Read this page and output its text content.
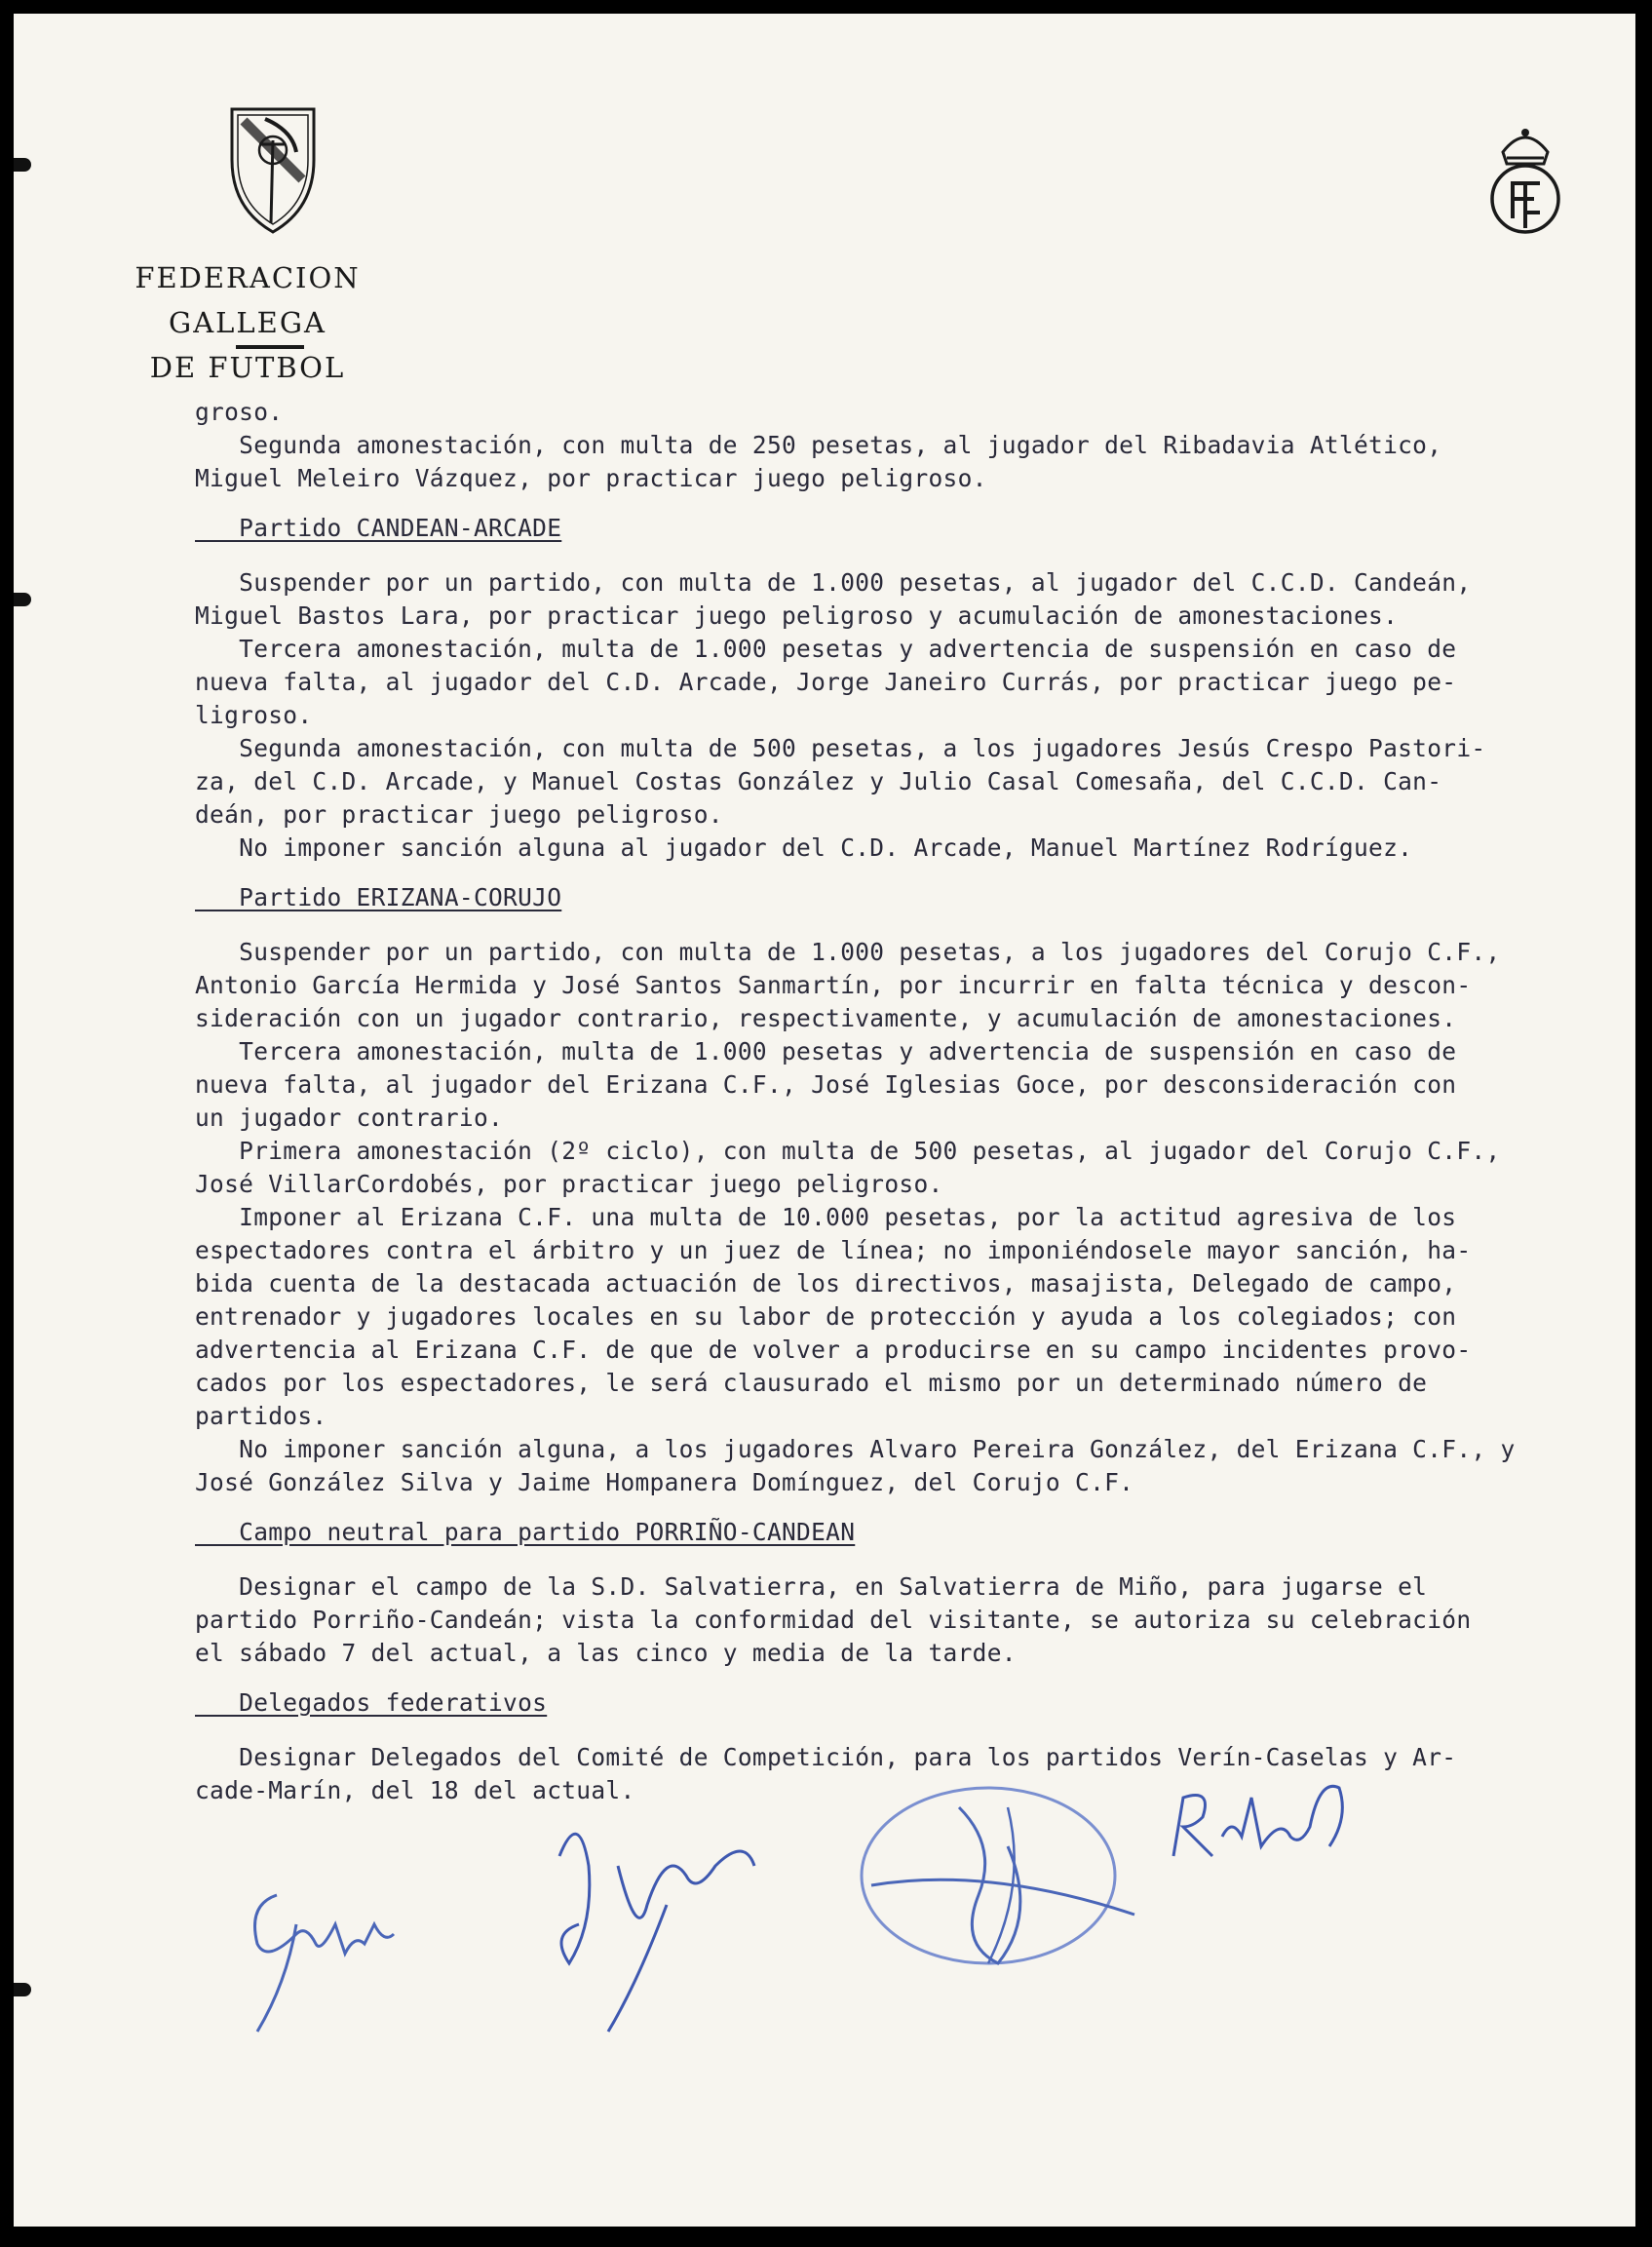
FEDERACION GALLEGA
DE FUTBOL
groso.
Segunda amonestación, con multa de 250 pesetas, al jugador del Ribadavia Atlético,
Miguel Meleiro Vázquez, por practicar juego peligroso.
Partido CANDEAN-ARCADE
Suspender por un partido, con multa de 1.000 pesetas, al jugador del C.C.D. Candeán,
Miguel Bastos Lara, por practicar juego peligroso y acumulación de amonestaciones.
Tercera amonestación, multa de 1.000 pesetas y advertencia de suspensión en caso de
nueva falta, al jugador del C.D. Arcade, Jorge Janeiro Currás, por practicar juego pe-
ligroso.
Segunda amonestación, con multa de 500 pesetas, a los jugadores Jesús Crespo Pastori-
za, del C.D. Arcade, y Manuel Costas González y Julio Casal Comesaña, del C.C.D. Can-
deán, por practicar juego peligroso.
No imponer sanción alguna al jugador del C.D. Arcade, Manuel Martínez Rodríguez.
Partido ERIZANA-CORUJO
Suspender por un partido, con multa de 1.000 pesetas, a los jugadores del Corujo C.F.,
Antonio García Hermida y José Santos Sanmartín, por incurrir en falta técnica y descon-
sideración con un jugador contrario, respectivamente, y acumulación de amonestaciones.
Tercera amonestación, multa de 1.000 pesetas y advertencia de suspensión en caso de
nueva falta, al jugador del Erizana C.F., José Iglesias Goce, por desconsideración con
un jugador contrario.
Primera amonestación (2º ciclo), con multa de 500 pesetas, al jugador del Corujo C.F.,
José VillarCordobés, por practicar juego peligroso.
Imponer al Erizana C.F. una multa de 10.000 pesetas, por la actitud agresiva de los
espectadores contra el árbitro y un juez de línea; no imponiéndosele mayor sanción, ha-
bida cuenta de la destacada actuación de los directivos, masajista, Delegado de campo,
entrenador y jugadores locales en su labor de protección y ayuda a los colegiados; con
advertencia al Erizana C.F. de que de volver a producirse en su campo incidentes provo-
cados por los espectadores, le será clausurado el mismo por un determinado número de
partidos.
No imponer sanción alguna, a los jugadores Alvaro Pereira González, del Erizana C.F., y
José González Silva y Jaime Hompanera Domínguez, del Corujo C.F.
Campo neutral para partido PORRIÑO-CANDEAN
Designar el campo de la S.D. Salvatierra, en Salvatierra de Miño, para jugarse el
partido Porriño-Candeán; vista la conformidad del visitante, se autoriza su celebración
el sábado 7 del actual, a las cinco y media de la tarde.
Delegados federativos
Designar Delegados del Comité de Competición, para los partidos Verín-Caselas y Ar-
cade-Marín, del 18 del actual.
